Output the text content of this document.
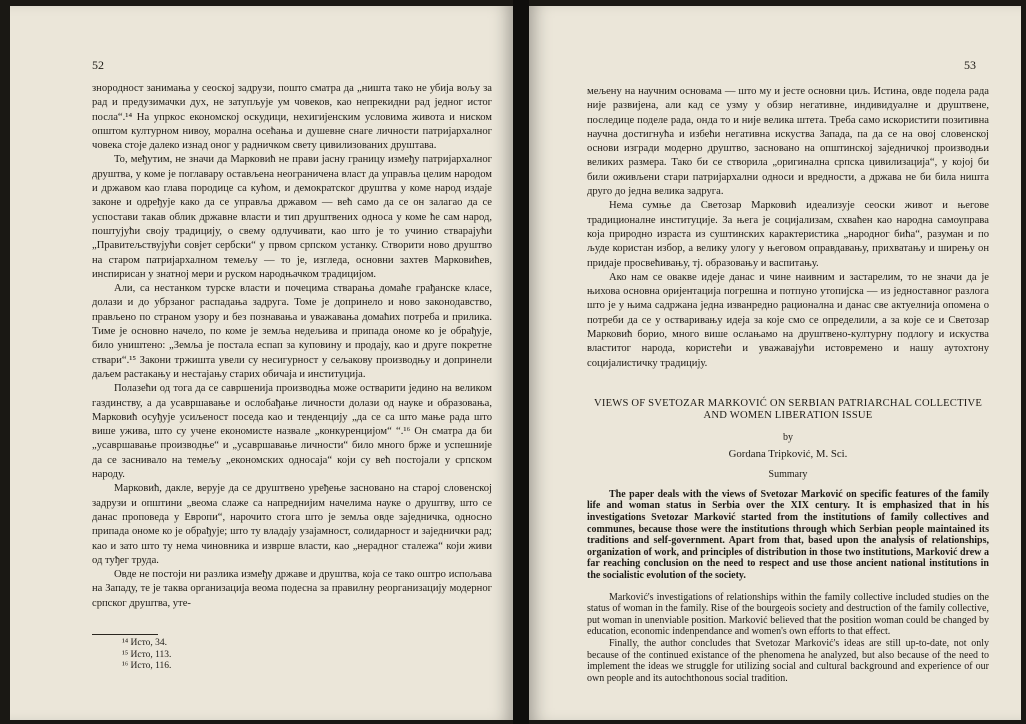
52

зноpодност занимања у сеоској задрузи, пошто сматра да „ништа тако не убија вољу за рад и предузимачки дух, не затупљује ум човеков, као непрекидни рад једног истог посла“.¹⁴ На упркос економској оскудици, нехигијенским условима живота и ниском општом културном нивоу, морална осећања и душевне снаге личности патријархалног човека стоје далеко изнад оног у радничком свету цивилизованих друштава.

То, међутим, не значи да Марковић не прави јасну границу између патријархалног друштва, у коме је поглавару остављена неограничена власт да управља целим народом и државом као глава породице са кућом, и демократског друштва у коме народ издаје законе и одређује како да се управља државом — већ само да се он залагао да се успостави такав облик државне власти и тип друштвених односа у коме ће сам народ, поштујући своју традицију, о свему одлучивати, као што је то учинио стварајући „Правитељствујући совјет сербски“ у првом српском устанку. Створити ново друштво на старом патријархалном темељу — то је, изгледа, основни захтев Марковићев, инспирисан у знатној мери и руском народњачком традицијом.

Али, са нестанком турске власти и почецима стварања домаће грађанске класе, долази и до убрзаног распадања задруга. Томе је допринело и ново законодавство, прављено по страном узору и без познавања и уважавања домаћих потреба и прилика. Тиме је основно начело, по коме је земља недељива и припада ономе ко је обрађује, било уништено: „Земља је постала еспап за куповину и продају, као и друге покретне ствари“.¹⁵ Закони тржишта увели су несигурност у сељакову производњу и допринели даљем растакању и нестајању старих обичаја и институција.

Полазећи од тога да се савршенија производња може остварити једино на великом газдинству, а да усавршавање и ослобађање личности долази од науке и образовања, Марковић осуђује усиљеност поседа као и тенденцију „да се са што мање рада што више ужива, што су учене економисте назвале „конкуренцијом“ “.¹⁶ Он сматра да би „усавршавање производње“ и „усавршавање личности“ било много брже и успешније да се заснивало на темељу „економских односаја“ који су већ постојали у српском народу.

Марковић, дакле, верује да се друштвено уређење засновано на старој словенској задрузи и општини „веома слаже са напреднијим начелима науке о друштву, што се данас проповеда у Европи“, нарочито стога што је земља овде заједничка, односно припада ономе ко је обрађује; што ту владају узајамност, солидарност и заједнички рад; као и зато што ту нема чиновника и изврше власти, као „нерадног сталежа“ који живи од туђег труда.

Овде не постоји ни разлика између државе и друштва, која се тако оштро испољава на Западу, те је таква организација веома подесна за правилну реорганизацију модерног српског друштва, уте-

¹⁴ Исто, 34.
¹⁵ Исто, 113.
¹⁶ Исто, 116.
53

мељену на научним основама — што му и јесте основни циљ. Истина, овде подела рада није развијена, али кад се узму у обзир негативне, индивидуалне и друштвене, последице поделе рада, онда то и није велика штета. Треба само искористити позитивна научна достигнућа и избећи негативна искуства Запада, па да се на овој словенској основи изгради модерно друштво, засновано на општинској заједничкој производњи великих размера. Тако би се створила „оригинална српска цивилизација“, у којој би били оживљени стари патријархални односи и вредности, а држава не би била ништа друго до једна велика задруга.

Нема сумње да Светозар Марковић идеализује сеоски живот и његове традиционалне институције. За њега је социјализам, схваћен као народна самоуправа која природно израста из суштинских карактеристика „народног бића“, разуман и по људе користан избор, а велику улогу у његовом оправдавању, прихватању и ширењу он придаје просвећивању, тј. образовању и васпитању.

Ако нам се овакве идеје данас и чине наивним и застарелим, то не значи да је њихова основна оријентација погрешна и потпуно утопијска — из једноставног разлога што је у њима садржана једна изванредно рационална и данас све актуелнија опомена о потреби да се у остваривању идеја за које смо се определили, а за које се и Светозар Марковић борио, много више ослањамо на друштвено-културну подлогу и искуства властитог народа, користећи и уважавајући истовремено и нашу аутохтону социјалистичку традицију.

VIEWS OF SVETOZAR MARKOVIĆ ON SERBIAN PATRIARCHAL COLLECTIVE AND WOMEN LIBERATION ISSUE
by
Gordana Tripković, M. Sci.
Summary

The paper deals with the views of Svetozar Marković on specific features of the family life and woman status in Serbia over the XIX century. It is emphasized that in his investigations Svetozar Marković started from the institutions of family collectives and communes, because those were the institutions through which Serbian people maintained its traditions and self-government. Apart from that, based upon the analysis of relationships, organization of work, and principles of distribution in those two institutions, Marković drew a far reaching conclusion on the need to respect and use those ancient national institutions in the socialistic evolution of the society.

Marković's investigations of relationships within the family collective included studies on the status of woman in the family. Rise of the bourgeois society and destruction of the family collective, put woman in unenviable position. Marković believed that the position woman could be changed by education, economic indenpendance and women's own efforts to that effect.

Finally, the author concludes that Svetozar Marković's ideas are still up-to-date, not only because of the continued existance of the phenomena he analyzed, but also because of the need to implement the ideas we struggle for utilizing social and cultural background and experience of our own people and its autochthonous social tradition.
